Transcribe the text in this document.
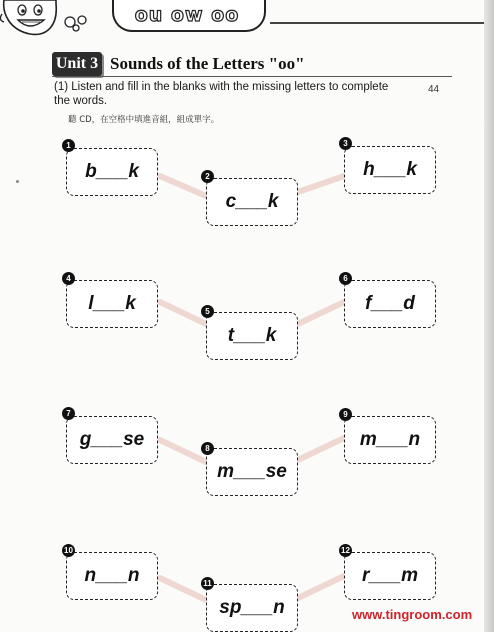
ou ow oo
Unit 3 Sounds of the Letters "oo"
44
(1) Listen and fill in the blanks with the missing letters to complete the words.
聽 CD，在空格中填進音組，組成單字。
b___k
1
c___k
2	h___k
3
l___k
4
t___k
5	f___d
6
g___se
7
m___se
8	m___n
9
n___n
10
sp___n
11	r___m
12
www.tingroom.com
